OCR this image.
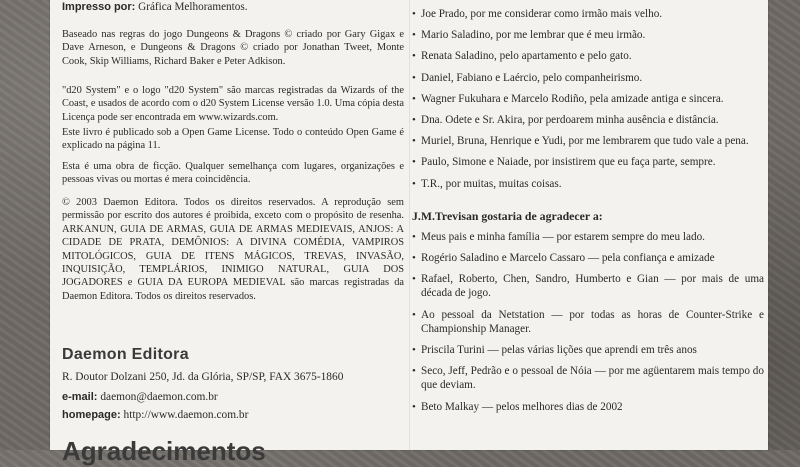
Impresso por: Gráfica Melhoramentos.

Baseado nas regras do jogo Dungeons & Dragons © criado por Gary Gigax e Dave Arneson, e Dungeons & Dragons © criado por Jonathan Tweet, Monte Cook, Skip Williams, Richard Baker e Peter Adkison.

"d20 System" e o logo "d20 System" são marcas registradas da Wizards of the Coast, e usados de acordo com o d20 System License versão 1.0. Uma cópia desta Licença pode ser encontrada em www.wizards.com.

Este livro é publicado sob a Open Game License. Todo o conteúdo Open Game é explicado na página 11.

Esta é uma obra de ficção. Qualquer semelhança com lugares, organizações e pessoas vivas ou mortas é mera coincidência.

© 2003 Daemon Editora. Todos os direitos reservados. A reprodução sem permissão por escrito dos autores é proibida, exceto com o propósito de resenha. ARKANUN, GUIA DE ARMAS, GUIA DE ARMAS MEDIEVAIS, ANJOS: A CIDADE DE PRATA, DEMÔNIOS: A DIVINA COMÉDIA, VAMPIROS MITOLÓGICOS, GUIA DE ITENS MÁGICOS, TREVAS, INVASÃO, INQUISIÇÃO, TEMPLÁRIOS, INIMIGO NATURAL, GUIA DOS JOGADORES e GUIA DA EUROPA MEDIEVAL são marcas registradas da Daemon Editora. Todos os direitos reservados.

Daemon Editora
R. Doutor Dolzani 250, Jd. da Glória, SP/SP, FAX 3675-1860
e-mail: daemon@daemon.com.br
homepage: http://www.daemon.com.br
Agradecimentos
• Joe Prado, por me considerar como irmão mais velho.
• Mario Saladino, por me lembrar que é meu irmão.
• Renata Saladino, pelo apartamento e pelo gato.
• Daniel, Fabiano e Laércio, pelo companheirismo.
• Wagner Fukuhara e Marcelo Rodiño, pela amizade antiga e sincera.
• Dna. Odete e Sr. Akira, por perdoarem minha ausência e distância.
• Muriel, Bruna, Henrique e Yudi, por me lembrarem que tudo vale a pena.
• Paulo, Simone e Naiade, por insistirem que eu faça parte, sempre.
• T.R., por muitas, muitas coisas.
J.M.Trevisan gostaria de agradecer a:
• Meus pais e minha família — por estarem sempre do meu lado.
• Rogério Saladino e Marcelo Cassaro — pela confiança e amizade
• Rafael, Roberto, Chen, Sandro, Humberto e Gian — por mais de uma década de jogo.
• Ao pessoal da Netstation — por todas as horas de Counter-Strike e Championship Manager.
• Priscila Turini — pelas várias lições que aprendi em três anos
• Seco, Jeff, Pedrão e o pessoal de Nóia — por me agüentarem mais tempo do que deviam.
• Beto Malkay — pelos melhores dias de 2002
